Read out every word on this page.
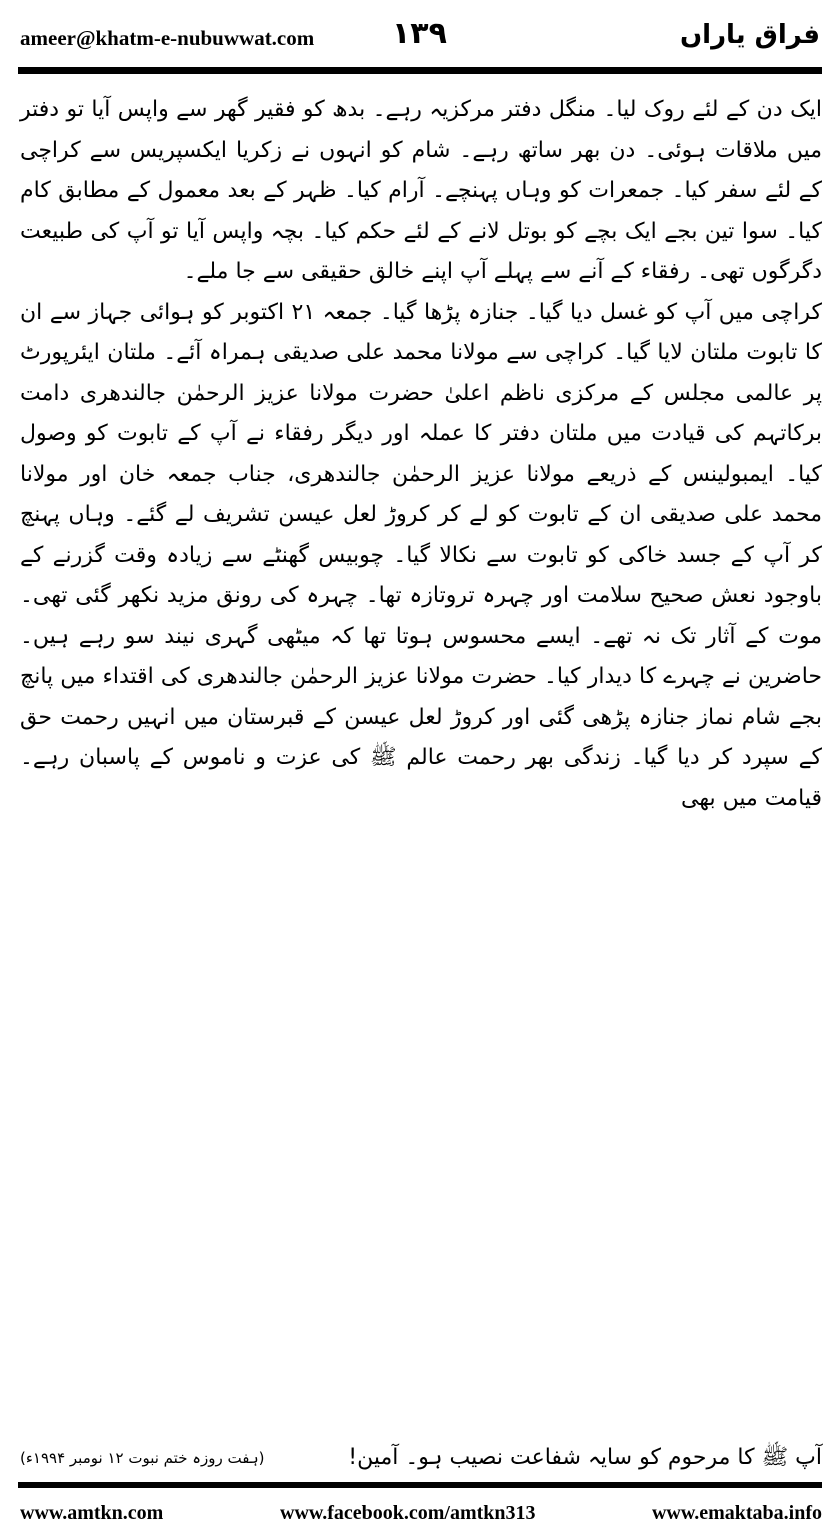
ameer@khatm-e-nubuwwat.com	۱۳۹	فراق یاراں

ایک دن کے لئے روک لیا۔ منگل دفتر مرکزیہ رہے۔ بدھ کو فقیر گھر سے واپس آیا تو دفتر میں ملاقات ہوئی۔ دن بھر ساتھ رہے۔ شام کو انہوں نے زکریا ایکسپریس سے کراچی کے لئے سفر کیا۔ جمعرات کو وہاں پہنچے۔ آرام کیا۔ ظہر کے بعد معمول کے مطابق کام کیا۔ سوا تین بجے ایک بچے کو بوتل لانے کے لئے حکم کیا۔ بچہ واپس آیا تو آپ کی طبیعت دگرگوں تھی۔ رفقاء کے آنے سے پہلے آپ اپنے خالق حقیقی سے جا ملے۔

کراچی میں آپ کو غسل دیا گیا۔ جنازہ پڑھا گیا۔ جمعہ ۲۱ اکتوبر کو ہوائی جہاز سے ان کا تابوت ملتان لایا گیا۔ کراچی سے مولانا محمد علی صدیقی ہمراہ آئے۔ ملتان ایئرپورٹ پر عالمی مجلس کے مرکزی ناظم اعلیٰ حضرت مولانا عزیز الرحمٰن جالندھری دامت برکاتہم کی قیادت میں ملتان دفتر کا عملہ اور دیگر رفقاء نے آپ کے تابوت کو وصول کیا۔ ایمبولینس کے ذریعے مولانا عزیز الرحمٰن جالندھری، جناب جمعہ خان اور مولانا محمد علی صدیقی ان کے تابوت کو لے کر کروڑ لعل عیسن تشریف لے گئے۔ وہاں پہنچ کر آپ کے جسد خاکی کو تابوت سے نکالا گیا۔ چوبیس گھنٹے سے زیادہ وقت گزرنے کے باوجود نعش صحیح سلامت اور چہرہ تروتازہ تھا۔ چہرہ کی رونق مزید نکھر گئی تھی۔ موت کے آثار تک نہ تھے۔ ایسے محسوس ہوتا تھا کہ میٹھی گہری نیند سو رہے ہیں۔ حاضرین نے چہرے کا دیدار کیا۔ حضرت مولانا عزیز الرحمٰن جالندھری کی اقتداء میں پانچ بجے شام نماز جنازہ پڑھی گئی اور کروڑ لعل عیسن کے قبرستان میں انہیں رحمت حق کے سپرد کر دیا گیا۔ زندگی بھر رحمت عالم ﷺ کی عزت و ناموس کے پاسبان رہے۔ قیامت میں بھی

آپ ﷺ کا مرحوم کو سایہ شفاعت نصیب ہو۔ آمین!
(ہفت روزہ ختم نبوت ۱۲ نومبر ۱۹۹۴ء)
www.amtkn.com	www.facebook.com/amtkn313	www.emaktaba.info
